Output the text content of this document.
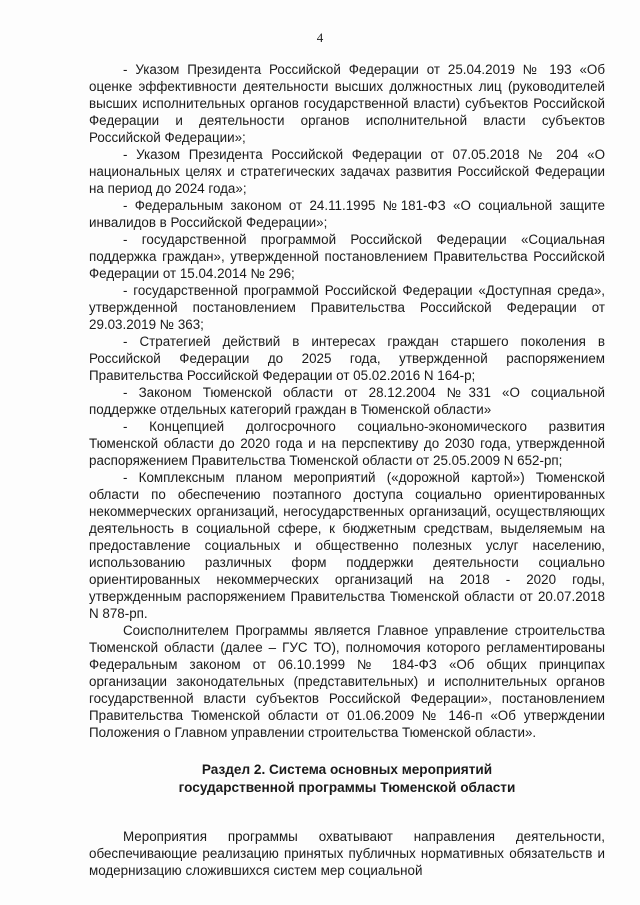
4

- Указом Президента Российской Федерации от 25.04.2019 № 193 «Об оценке эффективности деятельности высших должностных лиц (руководителей высших исполнительных органов государственной власти) субъектов Российской Федерации и деятельности органов исполнительной власти субъектов Российской Федерации»;

- Указом Президента Российской Федерации от 07.05.2018 № 204 «О национальных целях и стратегических задачах развития Российской Федерации на период до 2024 года»;

- Федеральным законом от 24.11.1995 №181-ФЗ «О социальной защите инвалидов в Российской Федерации»;

- государственной программой Российской Федерации «Социальная поддержка граждан», утвержденной постановлением Правительства Российской Федерации от 15.04.2014 № 296;

- государственной программой Российской Федерации «Доступная среда», утвержденной постановлением Правительства Российской Федерации от 29.03.2019 № 363;

- Стратегией действий в интересах граждан старшего поколения в Российской Федерации до 2025 года, утвержденной распоряжением Правительства Российской Федерации от 05.02.2016 N 164-р;

- Законом Тюменской области от 28.12.2004 №331 «О социальной поддержке отдельных категорий граждан в Тюменской области»

- Концепцией долгосрочного социально-экономического развития Тюменской области до 2020 года и на перспективу до 2030 года, утвержденной распоряжением Правительства Тюменской области от 25.05.2009 N 652-рп;

- Комплексным планом мероприятий («дорожной картой») Тюменской области по обеспечению поэтапного доступа социально ориентированных некоммерческих организаций, негосударственных организаций, осуществляющих деятельность в социальной сфере, к бюджетным средствам, выделяемым на предоставление социальных и общественно полезных услуг населению, использованию различных форм поддержки деятельности социально ориентированных некоммерческих организаций на 2018 - 2020 годы, утвержденным распоряжением Правительства Тюменской области от 20.07.2018 N 878-рп.

Соисполнителем Программы является Главное управление строительства Тюменской области (далее – ГУС ТО), полномочия которого регламентированы Федеральным законом от 06.10.1999 № 184-ФЗ «Об общих принципах организации законодательных (представительных) и исполнительных органов государственной власти субъектов Российской Федерации», постановлением Правительства Тюменской области от 01.06.2009 № 146-п «Об утверждении Положения о Главном управлении строительства Тюменской области».

Раздел 2. Система основных мероприятий
государственной программы Тюменской области

Мероприятия программы охватывают направления деятельности, обеспечивающие реализацию принятых публичных нормативных обязательств и модернизацию сложившихся систем мер социальной
